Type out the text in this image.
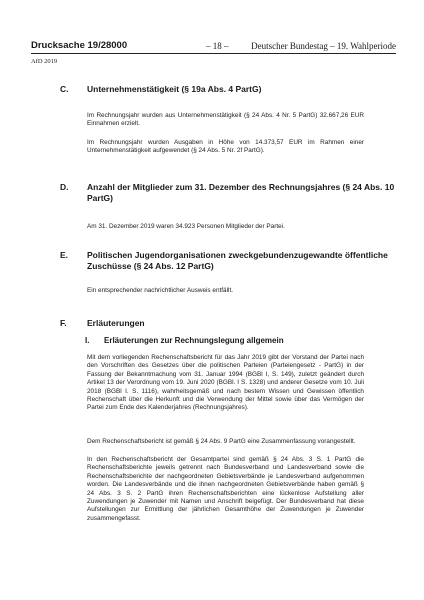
Drucksache 19/28000	– 18 –	Deutscher Bundestag – 19. Wahlperiode
AfD 2019
C. Unternehmenstätigkeit (§ 19a Abs. 4 PartG)
Im Rechnungsjahr wurden aus Unternehmenstätigkeit (§ 24 Abs. 4 Nr. 5 PartG) 32.667,26 EUR Einnahmen erzielt.
Im Rechnungsjahr wurden Ausgaben in Höhe von 14.373,57 EUR im Rahmen einer Unternehmenstätigkeit aufgewendet (§ 24 Abs. 5 Nr. 2f PartG).
D. Anzahl der Mitglieder zum 31. Dezember des Rechnungsjahres (§ 24 Abs. 10 PartG)
Am 31. Dezember 2019 waren 34.923 Personen Mitglieder der Partei.
E. Politischen Jugendorganisationen zweckgebundenzugewandte öffentliche Zuschüsse (§ 24 Abs. 12 PartG)
Ein entsprechender nachrichtlicher Ausweis entfällt.
F. Erläuterungen
I. Erläuterungen zur Rechnungslegung allgemein
Mit dem vorliegenden Rechenschaftsbericht für das Jahr 2019 gibt der Vorstand der Partei nach den Vorschriften des Gesetzes über die politischen Parteien (Parteiengesetz - PartG) in der Fassung der Bekanntmachung vom 31. Januar 1994 (BGBl I, S. 149), zuletzt geändert durch Artikel 13 der Verordnung vom 19. Juni 2020 (BGBl. I S. 1328) und anderer Gesetze vom 10. Juli 2018 (BGBl I. S. 1116), wahrheitsgemäß und nach bestem Wissen und Gewissen öffentlich Rechenschaft über die Herkunft und die Verwendung der Mittel sowie über das Vermögen der Partei zum Ende des Kalenderjahres (Rechnungsjahres).
Dem Rechenschaftsbericht ist gemäß § 24 Abs. 9 PartG eine Zusammenfassung vorangestellt.
In den Rechenschaftsbericht der Gesamtpartei sind gemäß § 24 Abs. 3 S. 1 PartG die Rechenschaftsberichte jeweils getrennt nach Bundesverband und Landesverband sowie die Rechenschaftsberichte der nachgeordneten Gebietsverbände je Landesverband aufgenommen worden. Die Landesverbände und die ihnen nachgeordneten Gebietsverbände haben gemäß § 24 Abs. 3 S. 2 PartG ihren Rechenschaftsberichten eine lückenlose Aufstellung aller Zuwendungen je Zuwender mit Namen und Anschrift beigefügt. Der Bundesverband hat diese Aufstellungen zur Ermittlung der jährlichen Gesamthöhe der Zuwendungen je Zuwender zusammengefasst.
